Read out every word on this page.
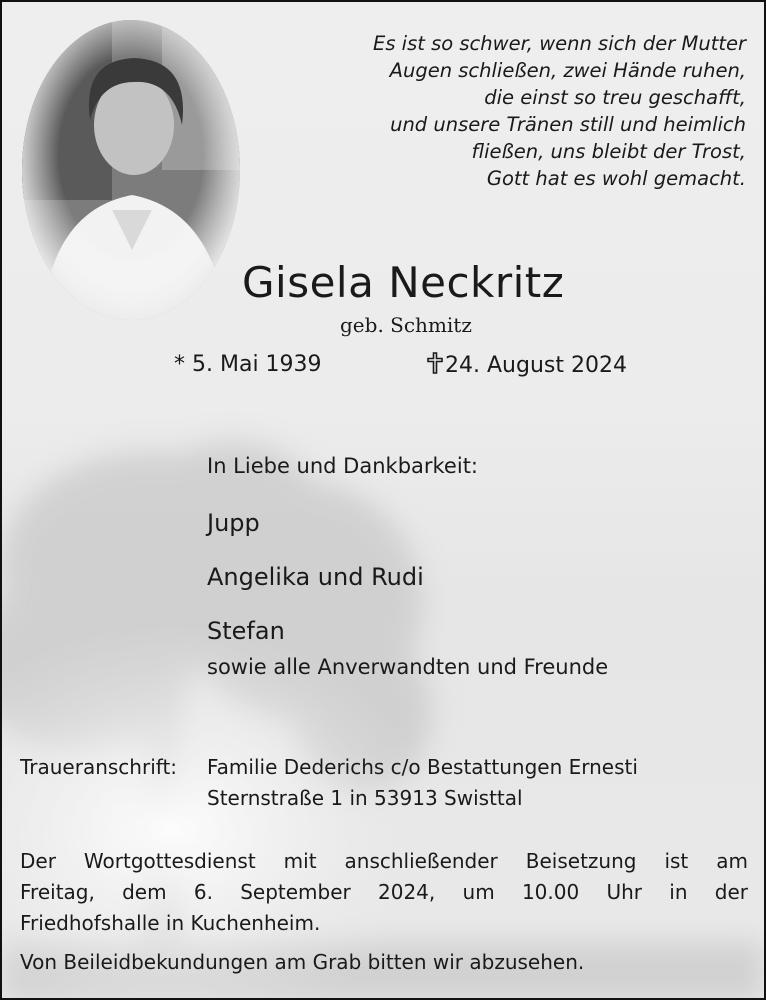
Es ist so schwer, wenn sich der Mutter
Augen schließen, zwei Hände ruhen,
die einst so treu geschafft,
und unsere Tränen still und heimlich
fließen, uns bleibt der Trost,
Gott hat es wohl gemacht.
Gisela Neckritz
geb. Schmitz
* 5. Mai 1939	24. August 2024
In Liebe und Dankbarkeit:
Jupp
Angelika und Rudi
Stefan
sowie alle Anverwandten und Freunde
Traueranschrift: Familie Dederichs c/o Bestattungen Ernesti
Sternstraße 1 in 53913 Swisttal
Der Wortgottesdienst mit anschließender Beisetzung ist am
Freitag, dem 6. September 2024, um 10.00 Uhr in der
Friedhofshalle in Kuchenheim.
Von Beileidbekundungen am Grab bitten wir abzusehen.
